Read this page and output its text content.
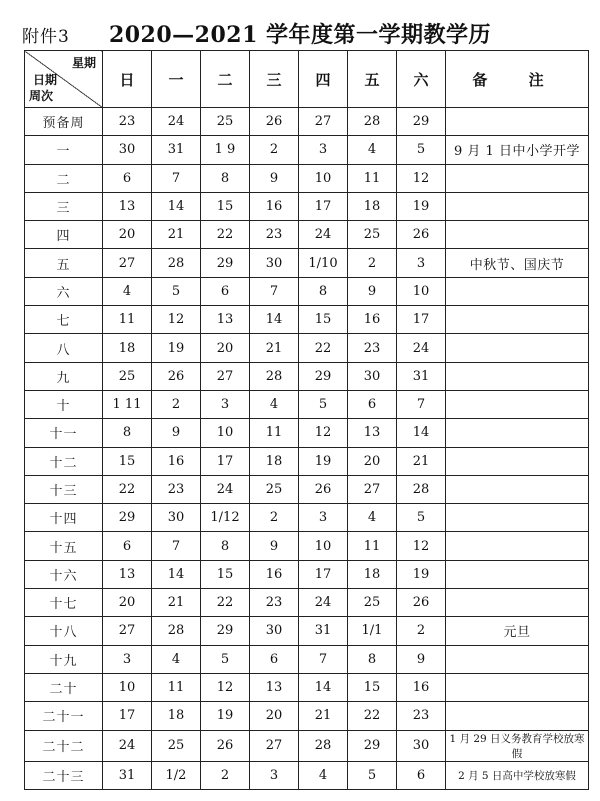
附件3	2020—2021 学年度第一学期教学历
星期
日期
周次	日	一	二	三	四	五	六	备 注
预备周	23	24	25	26	27	28	29	
一	30	31	1 9	2	3	4	5	9 月 1 日中小学开学
二	6	7	8	9	10	11	12	
三	13	14	15	16	17	18	19	
四	20	21	22	23	24	25	26	
五	27	28	29	30	1/10	2	3	中秋节、国庆节
六	4	5	6	7	8	9	10	
七	11	12	13	14	15	16	17	
八	18	19	20	21	22	23	24	
九	25	26	27	28	29	30	31	
十	1 11	2	3	4	5	6	7	
十一	8	9	10	11	12	13	14	
十二	15	16	17	18	19	20	21	
十三	22	23	24	25	26	27	28	
十四	29	30	1/12	2	3	4	5	
十五	6	7	8	9	10	11	12	
十六	13	14	15	16	17	18	19	
十七	20	21	22	23	24	25	26	
十八	27	28	29	30	31	1/1	2	元旦
十九	3	4	5	6	7	8	9	
二十	10	11	12	13	14	15	16	
二十一	17	18	19	20	21	22	23	
二十二	24	25	26	27	28	29	30	1 月 29 日义务教育学校放寒假
二十三	31	1/2	2	3	4	5	6	2 月 5 日高中学校放寒假
